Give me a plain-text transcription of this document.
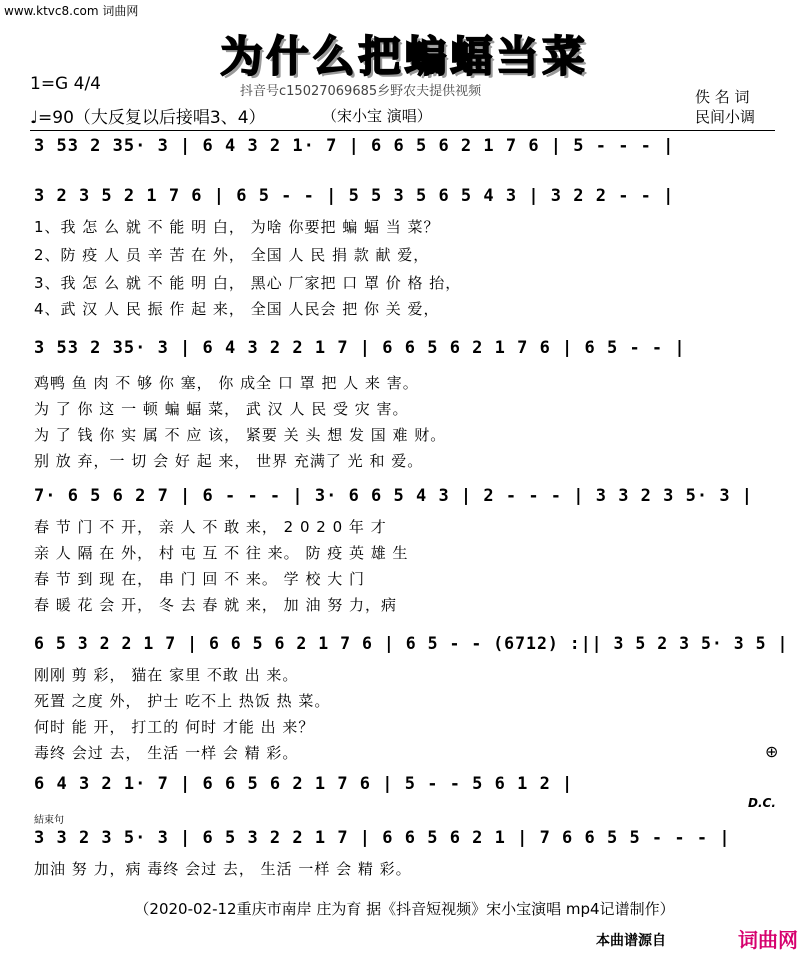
www.ktvc8.com 词曲网
为什么把蝙蝠当菜
1=G 4/4
♩=90（大反复以后接唱3、4）
抖音号c15027069685乡野农夫提供视频
（宋小宝 演唱）
佚 名 词
民间小调
3 53 2 35· 3 | 6 4 3 2 1· 7 | 6 6 5 6 2 1 7 6 | 5 - - - |
3 2 3 5 2 1 7 6 | 6 5 - - | 5 5 3 5 6 5 4 3 | 3 2 2 - - |
1、我 怎 么 就 不 能 明 白， 为啥 你要把 蝙 蝠 当 菜？
2、防 疫 人 员 辛 苦 在 外， 全国 人 民 捐 款 献 爱，
3、我 怎 么 就 不 能 明 白， 黑心 厂家把 口 罩 价 格 抬，
4、武 汉 人 民 振 作 起 来， 全国 人民会 把 你 关 爱，
3 53 2 35· 3 | 6 4 3 2 2 1 7 | 6 6 5 6 2 1 7 6 | 6 5 - - |
鸡鸭 鱼 肉 不 够 你 塞， 你 成全 口 罩 把 人 来 害。
为 了 你 这 一 顿 蝙 蝠 菜， 武 汉 人 民 受 灾 害。
为 了 钱 你 实 属 不 应 该， 紧要 关 头 想 发 国 难 财。
别 放 弃，一 切 会 好 起 来， 世界 充满了 光 和 爱。
7· 6 5 6 2 7 | 6 - - - | 3· 6 6 5 4 3 | 2 - - - | 3 3 2 3 5· 3 |
春 节 门 不 开， 亲 人 不 敢 来， 2 0 2 0 年 才
亲 人 隔 在 外， 村 屯 互 不 往 来。 防 疫 英 雄 生
春 节 到 现 在， 串 门 回 不 来。 学 校 大 门
春 暖 花 会 开， 冬 去 春 就 来， 加 油 努 力，病
6 5 3 2 2 1 7 | 6 6 5 6 2 1 7 6 | 6 5 - - (6712) :|| 3 5 2 3 5· 3 5 |
刚刚 剪 彩， 猫在 家里 不敢 出 来。
死置 之度 外， 护士 吃不上 热饭 热 菜。
何时 能 开， 打工的 何时 才能 出 来？
毒终 会过 去， 生活 一样 会 精 彩。	⊕
6 4 3 2 1· 7 | 6 6 5 6 2 1 7 6 | 5 - - 5 6 1 2 |
D.C.
結束句
3 3 2 3 5· 3 | 6 5 3 2 2 1 7 | 6 6 5 6 2 1 | 7 6 6 5 5 - - - |
加油 努 力，病 毒终 会过 去， 生活 一样 会 精 彩。
（2020-02-12重庆市南岸 庄为育 据《抖音短视频》宋小宝演唱 mp4记谱制作）
本曲谱源自	词曲网
